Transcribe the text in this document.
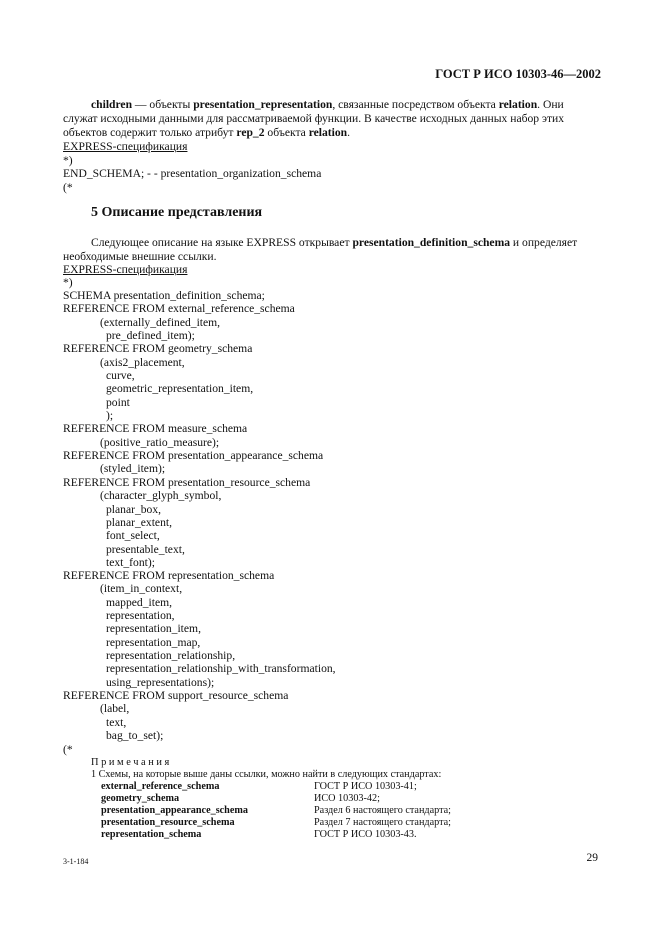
ГОСТ Р ИСО 10303-46—2002
children — объекты presentation_representation, связанные посредством объекта relation. Они
служат исходными данными для рассматриваемой функции. В качестве исходных данных набор этих
объектов содержит только атрибут rep_2 объекта relation.
EXPRESS-спецификация
*)
END_SCHEMA; - - presentation_organization_schema
(*
5 Описание представления
Следующее описание на языке EXPRESS открывает presentation_definition_schema и определяет
необходимые внешние ссылки.
EXPRESS-спецификация
*)
SCHEMA presentation_definition_schema;
REFERENCE FROM external_reference_schema
(externally_defined_item,
pre_defined_item);
REFERENCE FROM geometry_schema
(axis2_placement,
curve,
geometric_representation_item,
point
);
REFERENCE FROM measure_schema
(positive_ratio_measure);
REFERENCE FROM presentation_appearance_schema
(styled_item);
REFERENCE FROM presentation_resource_schema
(character_glyph_symbol,
planar_box,
planar_extent,
font_select,
presentable_text,
text_font);
REFERENCE FROM representation_schema
(item_in_context,
mapped_item,
representation,
representation_item,
representation_map,
representation_relationship,
representation_relationship_with_transformation,
using_representations);
REFERENCE FROM support_resource_schema
(label,
text,
bag_to_set);
(*
Примечания
1 Схемы, на которые выше даны ссылки, можно найти в следующих стандартах:
external_reference_schema	ГОСТ Р ИСО 10303-41;
geometry_schema	ИСО 10303-42;
presentation_appearance_schema	Раздел 6 настоящего стандарта;
presentation_resource_schema	Раздел 7 настоящего стандарта;
representation_schema	ГОСТ Р ИСО 10303-43.
3-1-184	29
